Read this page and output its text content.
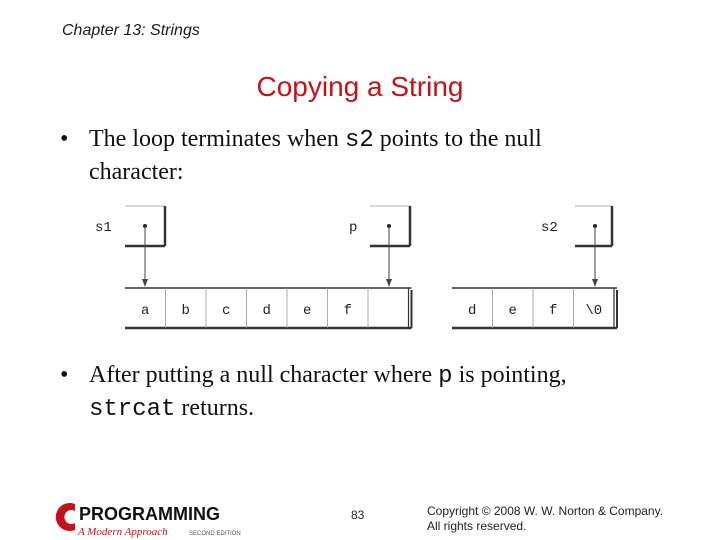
Chapter 13: Strings
Copying a String
• The loop terminates when s2 points to the null
character:
a b c d e f	d e f \0
s1	p	s2
• After putting a null character where p is pointing,
strcat returns.
PROGRAMMING
A Modern Approach	SECOND EDITION
83	Copyright © 2008 W. W. Norton & Company.
All rights reserved.
